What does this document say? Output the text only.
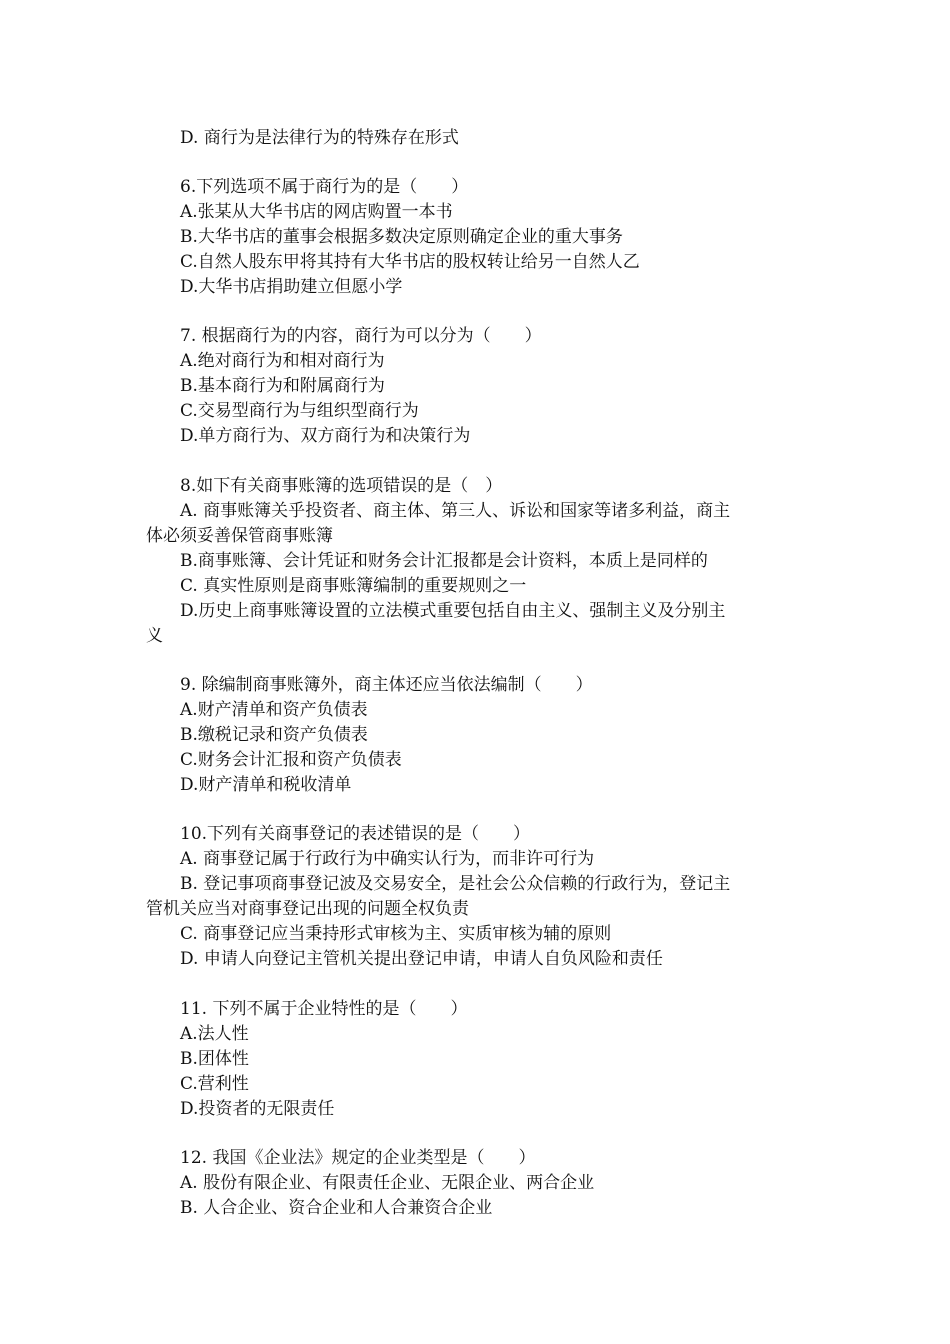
D. 商行为是法律行为的特殊存在形式
6.下列选项不属于商行为的是（　　）
A.张某从大华书店的网店购置一本书
B.大华书店的董事会根据多数决定原则确定企业的重大事务
C.自然人股东甲将其持有大华书店的股权转让给另一自然人乙
D.大华书店捐助建立但愿小学
7. 根据商行为的内容，商行为可以分为（　　）
A.绝对商行为和相对商行为
B.基本商行为和附属商行为
C.交易型商行为与组织型商行为
D.单方商行为、双方商行为和决策行为
8.如下有关商事账簿的选项错误的是（　）
A. 商事账簿关乎投资者、商主体、第三人、诉讼和国家等诸多利益，商主
体必须妥善保管商事账簿
B.商事账簿、会计凭证和财务会计汇报都是会计资料，本质上是同样的
C. 真实性原则是商事账簿编制的重要规则之一
D.历史上商事账簿设置的立法模式重要包括自由主义、强制主义及分别主
义
9. 除编制商事账簿外，商主体还应当依法编制（　　）
A.财产清单和资产负债表
B.缴税记录和资产负债表
C.财务会计汇报和资产负债表
D.财产清单和税收清单
10.下列有关商事登记的表述错误的是（　　）
A. 商事登记属于行政行为中确实认行为，而非许可行为
B. 登记事项商事登记波及交易安全，是社会公众信赖的行政行为，登记主
管机关应当对商事登记出现的问题全权负责
C. 商事登记应当秉持形式审核为主、实质审核为辅的原则
D. 申请人向登记主管机关提出登记申请，申请人自负风险和责任
11. 下列不属于企业特性的是（　　）
A.法人性
B.团体性
C.营利性
D.投资者的无限责任
12. 我国《企业法》规定的企业类型是（　　）
A. 股份有限企业、有限责任企业、无限企业、两合企业
B. 人合企业、资合企业和人合兼资合企业
